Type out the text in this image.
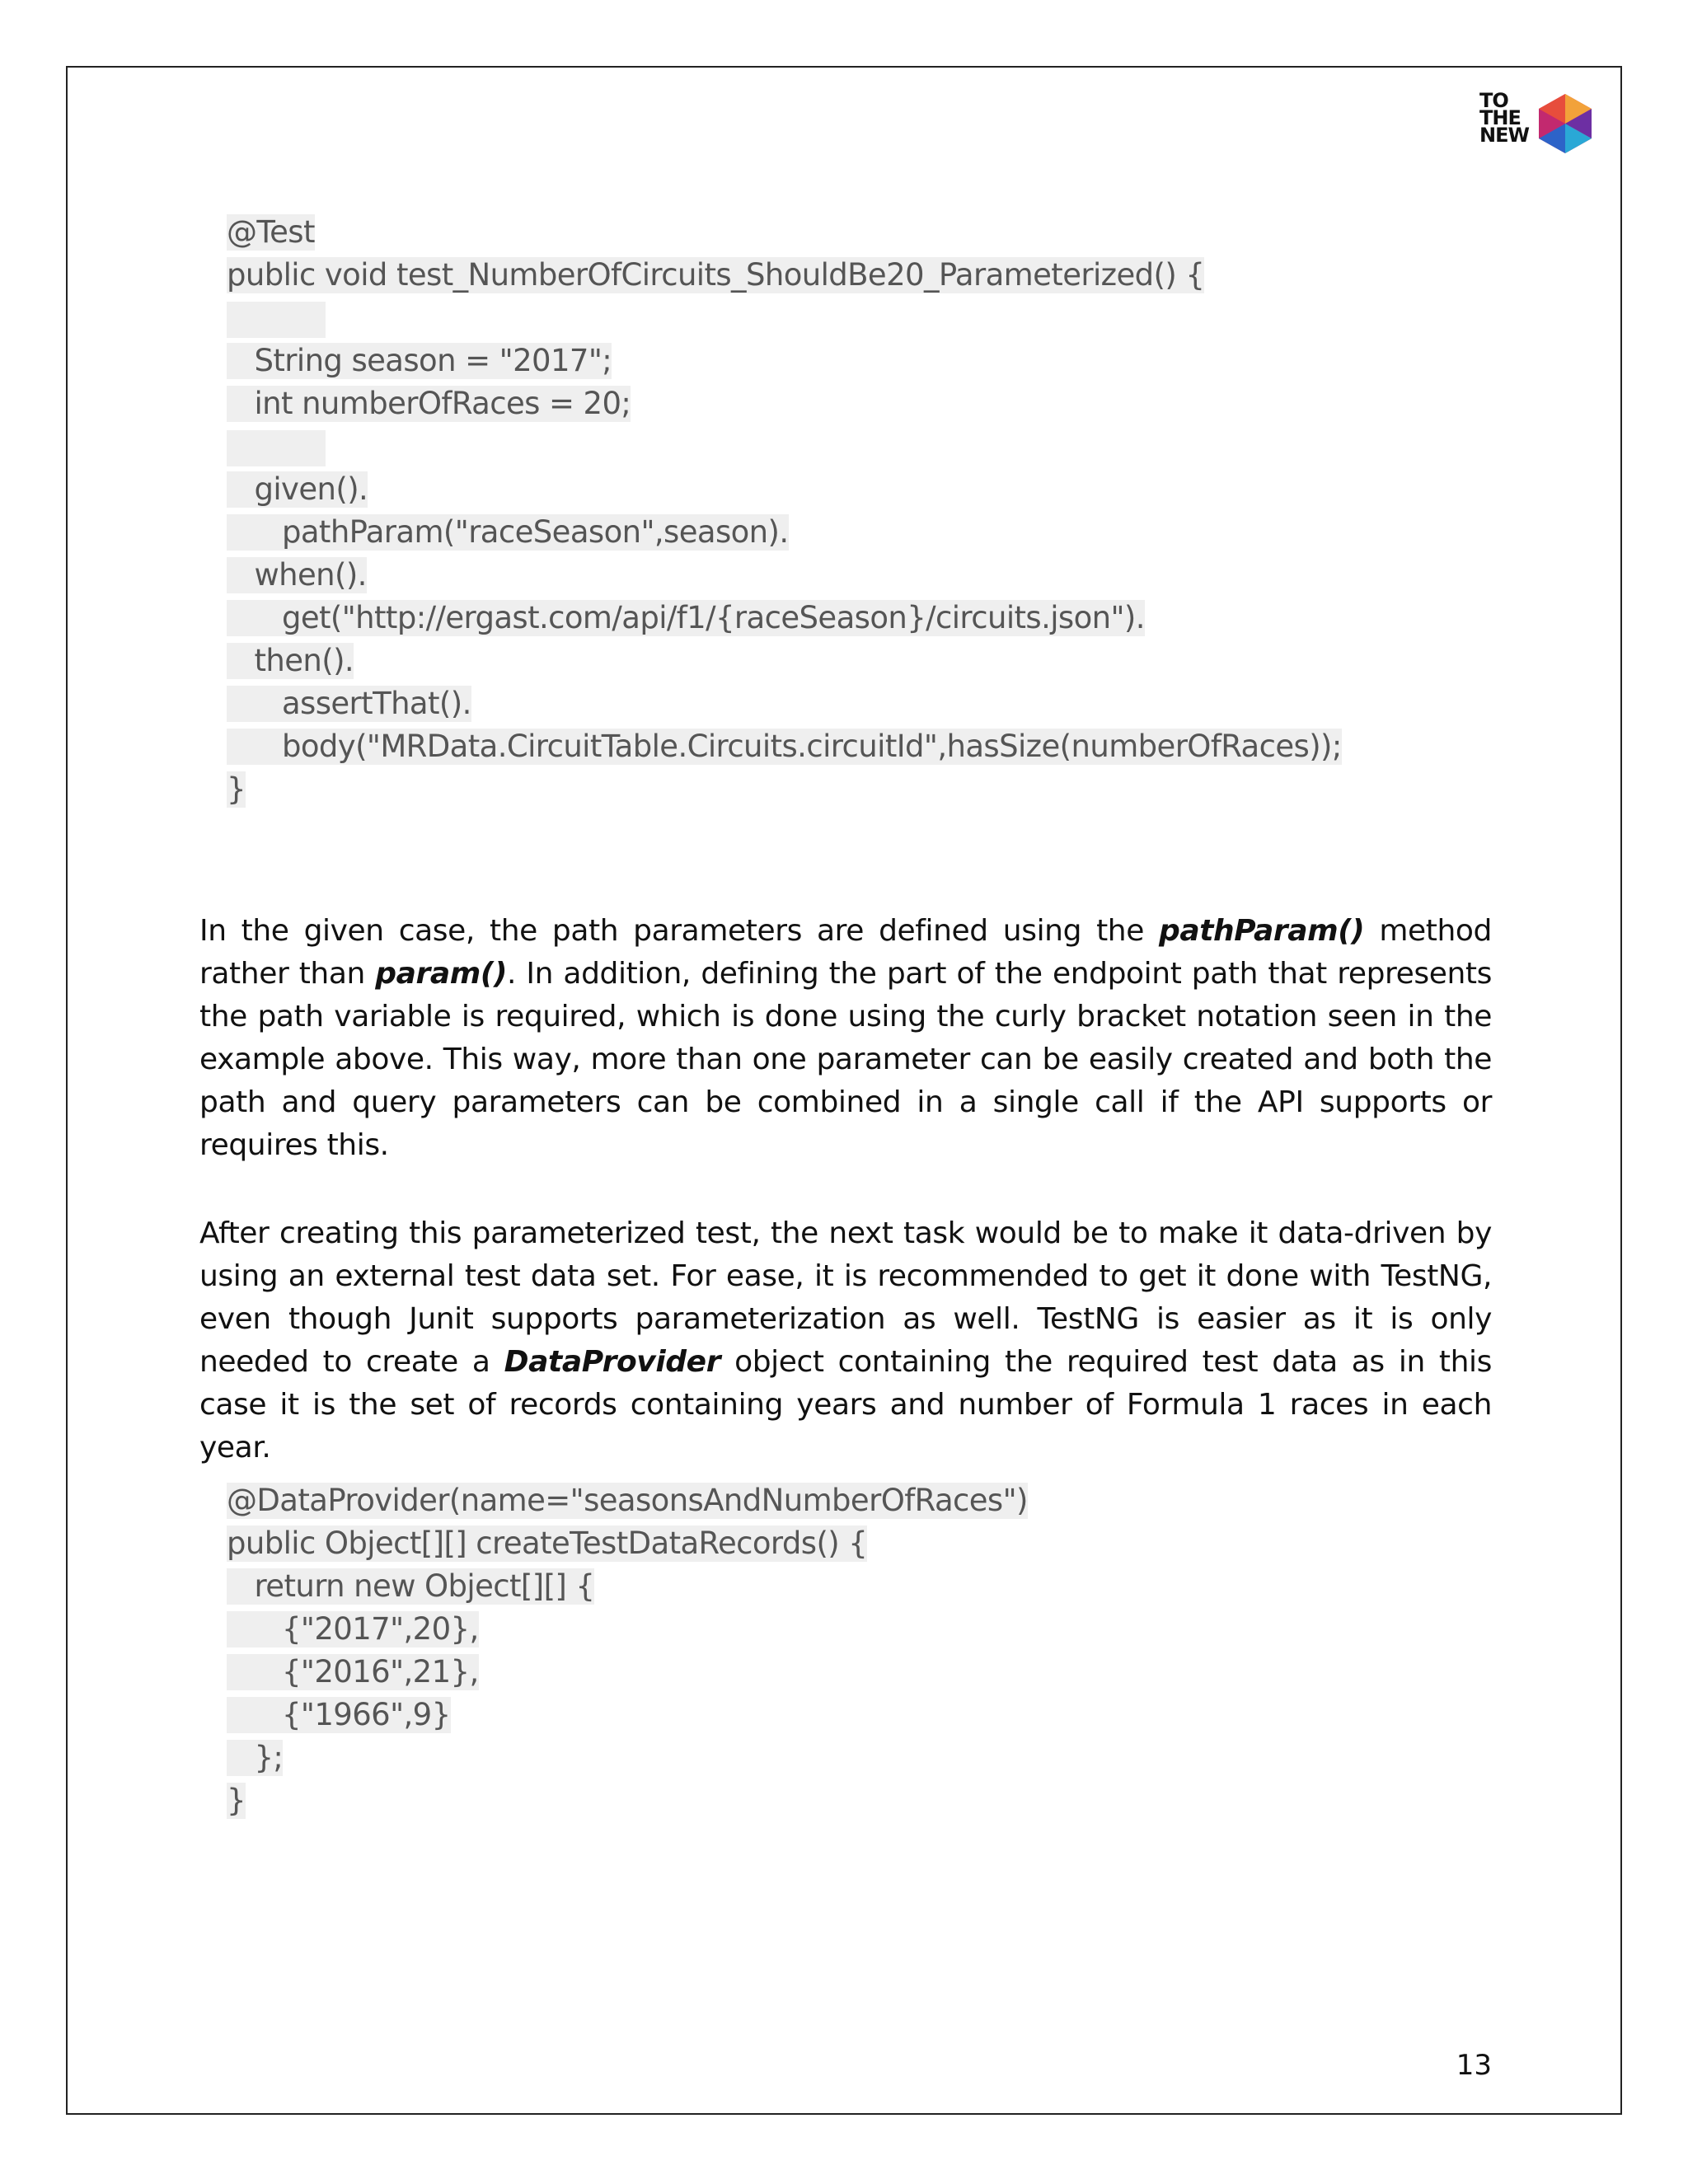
TO
THE
NEW
@Test
public void test_NumberOfCircuits_ShouldBe20_Parameterized() {
String season = "2017";
int numberOfRaces = 20;
given().
pathParam("raceSeason",season).
when().
get("http://ergast.com/api/f1/{raceSeason}/circuits.json").
then().
assertThat().
body("MRData.CircuitTable.Circuits.circuitId",hasSize(numberOfRaces));
}
In the given case, the path parameters are defined using the pathParam() method rather than param(). In addition, defining the part of the endpoint path that represents the path variable is required, which is done using the curly bracket notation seen in the example above. This way, more than one parameter can be easily created and both the path and query parameters can be combined in a single call if the API supports or requires this.
After creating this parameterized test, the next task would be to make it data-driven by using an external test data set. For ease, it is recommended to get it done with TestNG, even though Junit supports parameterization as well. TestNG is easier as it is only needed to create a DataProvider object containing the required test data as in this case it is the set of records containing years and number of Formula 1 races in each year.
@DataProvider(name="seasonsAndNumberOfRaces")
public Object[][] createTestDataRecords() {
return new Object[][] {
{"2017",20},
{"2016",21},
{"1966",9}
};
}
13
